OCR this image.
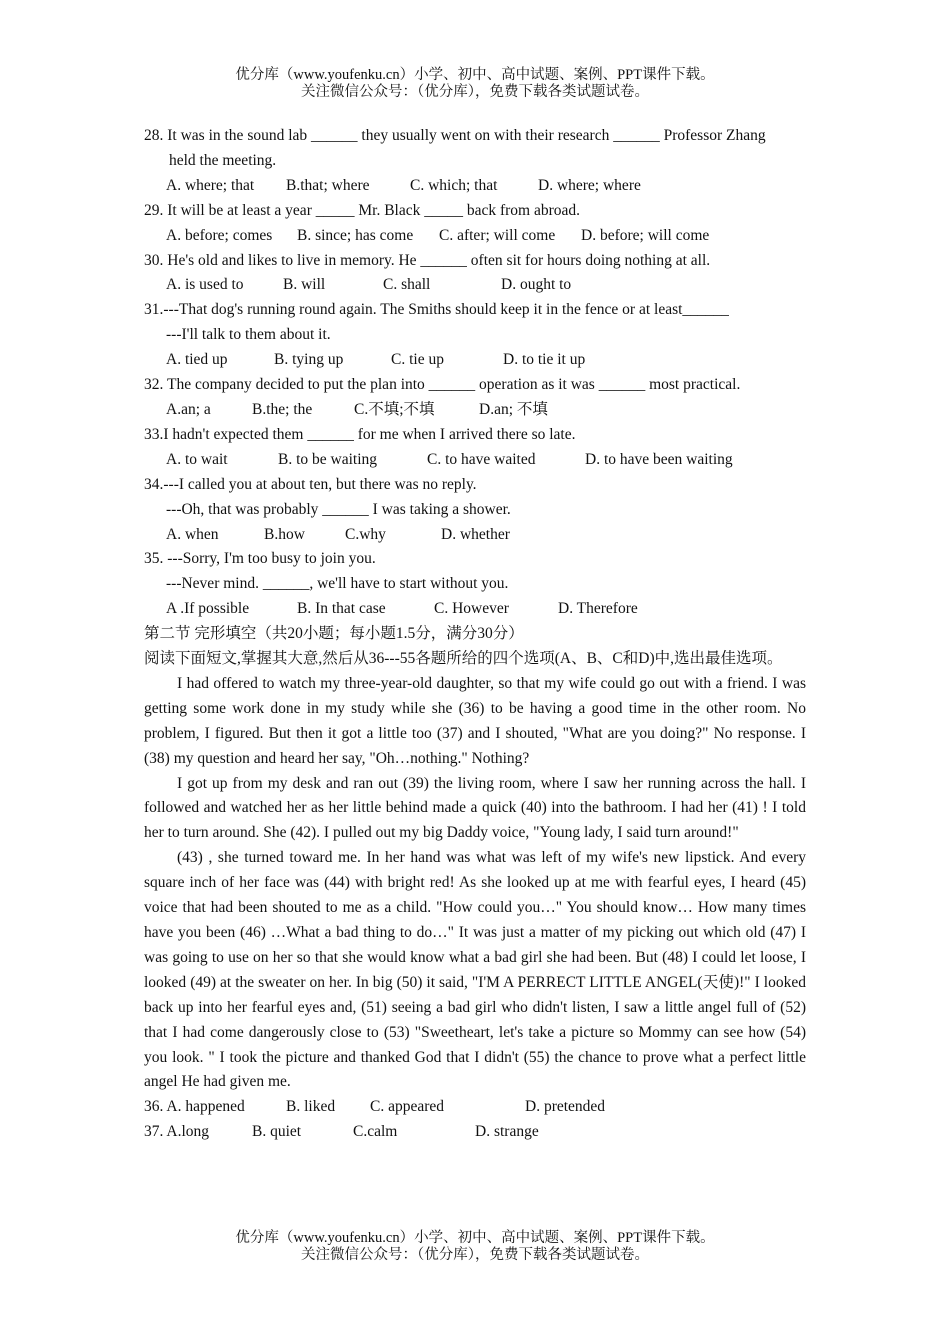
优分库（www.youfenku.cn）小学、初中、高中试题、案例、PPT课件下载。
关注微信公众号：（优分库），免费下载各类试题试卷。
28. It was in the sound lab ______ they usually went on with their research ______ Professor Zhang
held the meeting.
A. where; that	B.that; where	C. which; that	D. where; where
29. It will be at least a year _____ Mr. Black _____ back from abroad.
A. before; comes	B. since; has come	C. after; will come	D. before; will come
30. He's old and likes to live in memory. He ______ often sit for hours doing nothing at all.
A. is used to	B. will	C. shall	D. ought to
31.---That dog's running round again. The Smiths should keep it in the fence or at least______
---I'll talk to them about it.
A. tied up	B. tying up	C. tie up	D. to tie it up
32. The company decided to put the plan into ______ operation as it was ______ most practical.
A.an; a	B.the; the	C.不填;不填	D.an; 不填
33.I hadn't expected them ______ for me when I arrived there so late.
A. to wait	B. to be waiting	C. to have waited	D. to have been waiting
34.---I called you at about ten, but there was no reply.
---Oh, that was probably ______ I was taking a shower.
A. when	B.how	C.why	D. whether
35. ---Sorry, I'm too busy to join you.
---Never mind. ______, we'll have to start without you.
A .If possible	B. In that case	C. However	D. Therefore
第二节 完形填空（共20小题；每小题1.5分，满分30分）
阅读下面短文,掌握其大意,然后从36---55各题所给的四个选项(A、B、C和D)中,选出最佳选项。
I had offered to watch my three-year-old daughter, so that my wife could go out with a friend. I was getting some work done in my study while she (36) to be having a good time in the other room. No problem, I figured. But then it got a little too (37) and I shouted, "What are you doing?" No response. I (38) my question and heard her say, "Oh…nothing." Nothing?
I got up from my desk and ran out (39) the living room, where I saw her running across the hall. I followed and watched her as her little behind made a quick (40) into the bathroom. I had her (41) ! I told her to turn around. She (42). I pulled out my big Daddy voice, "Young lady, I said turn around!"
(43) , she turned toward me. In her hand was what was left of my wife's new lipstick. And every square inch of her face was (44) with bright red! As she looked up at me with fearful eyes, I heard (45) voice that had been shouted to me as a child. "How could you…" You should know… How many times have you been (46) …What a bad thing to do…" It was just a matter of my picking out which old (47) I was going to use on her so that she would know what a bad girl she had been. But (48) I could let loose, I looked (49) at the sweater on her. In big (50) it said, "I'M A PERRECT LITTLE ANGEL(天使)!" I looked back up into her fearful eyes and, (51) seeing a bad girl who didn't listen, I saw a little angel full of (52) that I had come dangerously close to (53) "Sweetheart, let's take a picture so Mommy can see how (54) you look. " I took the picture and thanked God that I didn't (55) the chance to prove what a perfect little angel He had given me.
36. A. happened	B. liked	C. appeared	D. pretended
37. A.long	B. quiet	C.calm	D. strange
优分库（www.youfenku.cn）小学、初中、高中试题、案例、PPT课件下载。
关注微信公众号：（优分库），免费下载各类试题试卷。
